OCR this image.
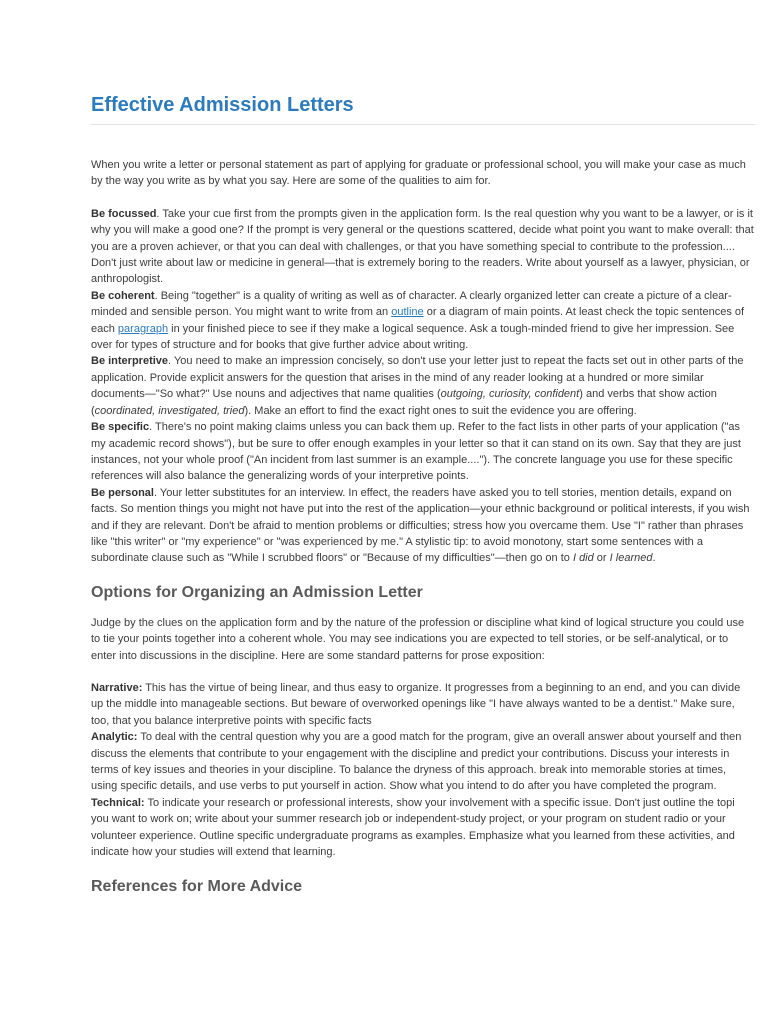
Effective Admission Letters

When you write a letter or personal statement as part of applying for graduate or professional school, you will make your case as much by the way you write as by what you say. Here are some of the qualities to aim for.

Be focussed. Take your cue first from the prompts given in the application form. Is the real question why you want to be a lawyer, or is it why you will make a good one? If the prompt is very general or the questions scattered, decide what point you want to make overall: that you are a proven achiever, or that you can deal with challenges, or that you have something special to contribute to the profession.... Don't just write about law or medicine in general—that is extremely boring to the readers. Write about yourself as a lawyer, physician, or anthropologist.

Be coherent. Being "together" is a quality of writing as well as of character. A clearly organized letter can create a picture of a clear-minded and sensible person. You might want to write from an outline or a diagram of main points. At least check the topic sentences of each paragraph in your finished piece to see if they make a logical sequence. Ask a tough-minded friend to give her impression. See over for types of structure and for books that give further advice about writing.

Be interpretive. You need to make an impression concisely, so don't use your letter just to repeat the facts set out in other parts of the application. Provide explicit answers for the question that arises in the mind of any reader looking at a hundred or more similar documents—"So what?" Use nouns and adjectives that name qualities (outgoing, curiosity, confident) and verbs that show action (coordinated, investigated, tried). Make an effort to find the exact right ones to suit the evidence you are offering.

Be specific. There's no point making claims unless you can back them up. Refer to the fact lists in other parts of your application ("as my academic record shows"), but be sure to offer enough examples in your letter so that it can stand on its own. Say that they are just instances, not your whole proof ("An incident from last summer is an example...."). The concrete language you use for these specific references will also balance the generalizing words of your interpretive points.

Be personal. Your letter substitutes for an interview. In effect, the readers have asked you to tell stories, mention details, expand on facts. So mention things you might not have put into the rest of the application—your ethnic background or political interests, if you wish and if they are relevant. Don't be afraid to mention problems or difficulties; stress how you overcame them. Use "I" rather than phrases like "this writer" or "my experience" or "was experienced by me." A stylistic tip: to avoid monotony, start some sentences with a subordinate clause such as "While I scrubbed floors" or "Because of my difficulties"—then go on to I did or I learned.

Options for Organizing an Admission Letter

Judge by the clues on the application form and by the nature of the profession or discipline what kind of logical structure you could use to tie your points together into a coherent whole. You may see indications you are expected to tell stories, or be self-analytical, or to enter into discussions in the discipline. Here are some standard patterns for prose exposition:

Narrative: This has the virtue of being linear, and thus easy to organize. It progresses from a beginning to an end, and you can divide up the middle into manageable sections. But beware of overworked openings like "I have always wanted to be a dentist." Make sure, too, that you balance interpretive points with specific facts

Analytic: To deal with the central question why you are a good match for the program, give an overall answer about yourself and then discuss the elements that contribute to your engagement with the discipline and predict your contributions. Discuss your interests in terms of key issues and theories in your discipline. To balance the dryness of this approach. break into memorable stories at times, using specific details, and use verbs to put yourself in action. Show what you intend to do after you have completed the program.

Technical: To indicate your research or professional interests, show your involvement with a specific issue. Don't just outline the topi you want to work on; write about your summer research job or independent-study project, or your program on student radio or your volunteer experience. Outline specific undergraduate programs as examples. Emphasize what you learned from these activities, and indicate how your studies will extend that learning.

References for More Advice
